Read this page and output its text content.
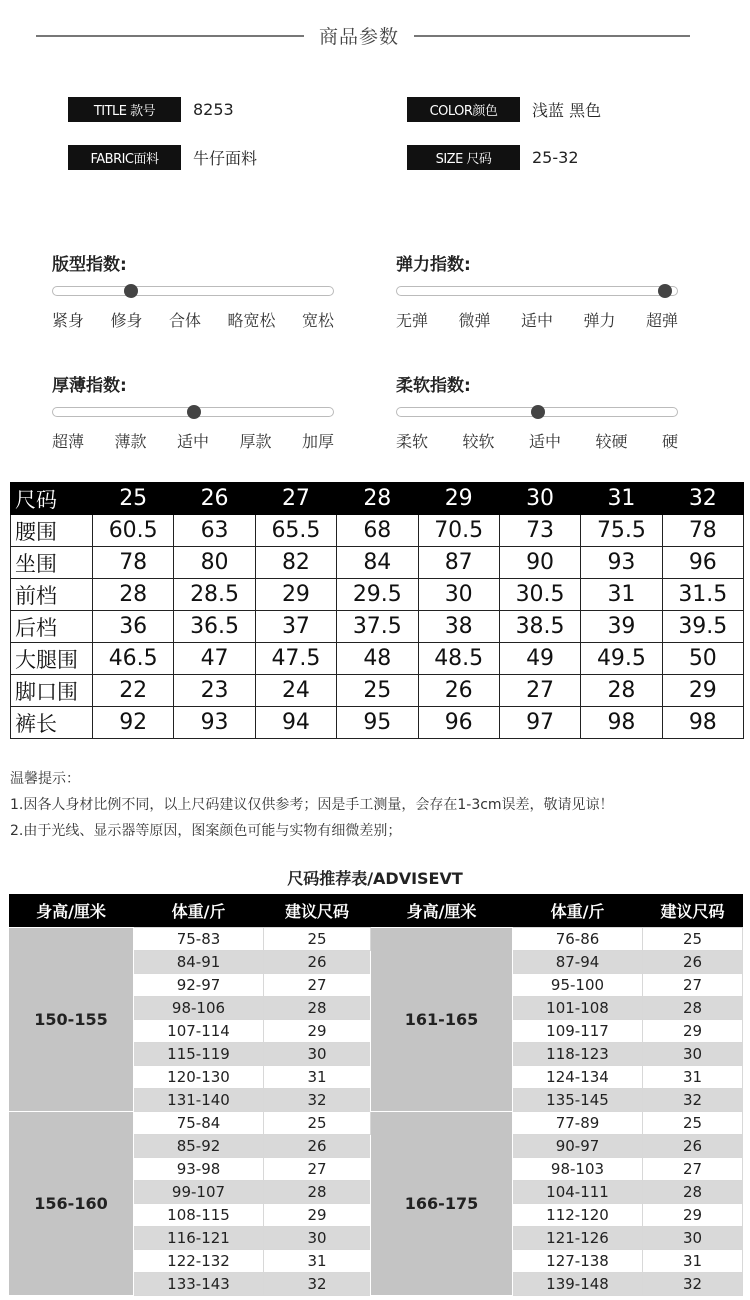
商品参数
TITLE 款号	8253	COLOR颜色	浅蓝 黑色
FABRIC面料	牛仔面料	SIZE 尺码	25-32
版型指数:
紧身 修身 合体 略宽松 宽松
弹力指数:
无弹 微弹 适中 弹力 超弹
厚薄指数:
超薄 薄款 适中 厚款 加厚
柔软指数:
柔软 较软 适中 较硬 硬
尺码	25	26	27	28	29	30	31	32
腰围	60.5	63	65.5	68	70.5	73	75.5	78
坐围	78	80	82	84	87	90	93	96
前档	28	28.5	29	29.5	30	30.5	31	31.5
后档	36	36.5	37	37.5	38	38.5	39	39.5
大腿围	46.5	47	47.5	48	48.5	49	49.5	50
脚口围	22	23	24	25	26	27	28	29
裤长	92	93	94	95	96	97	98	98
温馨提示：
1.因各人身材比例不同，以上尺码建议仅供参考；因是手工测量，会存在1-3cm误差，敬请见谅！
2.由于光线、显示器等原因，图案颜色可能与实物有细微差别；
尺码推荐表/ADVISEVT
身高/厘米	体重/斤	建议尺码	身高/厘米	体重/斤	建议尺码
150-155	75-83	25	161-165	76-86	25
	84-91	26		87-94	26
	92-97	27		95-100	27
	98-106	28		101-108	28
	107-114	29		109-117	29
	115-119	30		118-123	30
	120-130	31		124-134	31
	131-140	32		135-145	32
156-160	75-84	25	166-175	77-89	25
	85-92	26		90-97	26
	93-98	27		98-103	27
	99-107	28		104-111	28
	108-115	29		112-120	29
	116-121	30		121-126	30
	122-132	31		127-138	31
	133-143	32		139-148	32
